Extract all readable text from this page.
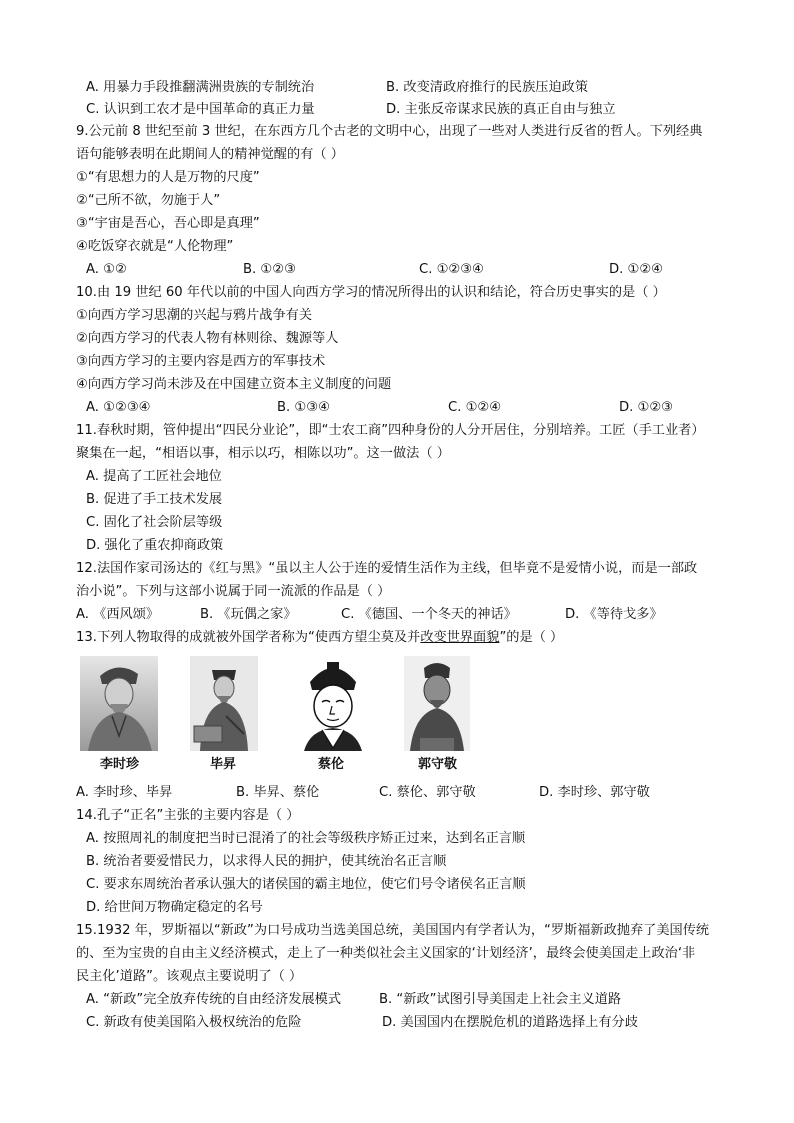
A. 用暴力手段推翻满洲贵族的专制统治	B. 改变清政府推行的民族压迫政策
C. 认识到工农才是中国革命的真正力量	D. 主张反帝谋求民族的真正自由与独立
9.公元前 8 世纪至前 3 世纪，在东西方几个古老的文明中心，出现了一些对人类进行反省的哲人。下列经典
语句能够表明在此期间人的精神觉醒的有（ ）
①“有思想力的人是万物的尺度”
②“己所不欲，勿施于人”
③“宇宙是吾心，吾心即是真理”
④吃饭穿衣就是“人伦物理”
A. ①②	B. ①②③	C. ①②③④	D. ①②④
10.由 19 世纪 60 年代以前的中国人向西方学习的情况所得出的认识和结论，符合历史事实的是（ ）
①向西方学习思潮的兴起与鸦片战争有关
②向西方学习的代表人物有林则徐、魏源等人
③向西方学习的主要内容是西方的军事技术
④向西方学习尚未涉及在中国建立资本主义制度的问题
A. ①②③④	B. ①③④	C. ①②④	D. ①②③
11.春秋时期，管仲提出“四民分业论”，即“士农工商”四种身份的人分开居住，分别培养。工匠（手工业者）
聚集在一起，“相语以事，相示以巧，相陈以功”。这一做法（ ）
A. 提高了工匠社会地位
B. 促进了手工技术发展
C. 固化了社会阶层等级
D. 强化了重农抑商政策
12.法国作家司汤达的《红与黑》“虽以主人公于连的爱情生活作为主线，但毕竟不是爱情小说，而是一部政
治小说”。下列与这部小说属于同一流派的作品是（ ）
A. 《西风颂》	B. 《玩偶之家》	C. 《德国、一个冬天的神话》	D. 《等待戈多》
13.下列人物取得的成就被外国学者称为“使西方望尘莫及并改变世界面貌”的是（ ）
李时珍	毕昇	蔡伦	郭守敬
A. 李时珍、毕昇	B. 毕昇、蔡伦	C. 蔡伦、郭守敬	D. 李时珍、郭守敬
14.孔子“正名”主张的主要内容是（ ）
A. 按照周礼的制度把当时已混淆了的社会等级秩序矫正过来，达到名正言顺
B. 统治者要爱惜民力，以求得人民的拥护，使其统治名正言顺
C. 要求东周统治者承认强大的诸侯国的霸主地位，使它们号令诸侯名正言顺
D. 给世间万物确定稳定的名号
15.1932 年，罗斯福以“新政”为口号成功当选美国总统，美国国内有学者认为，“罗斯福新政抛弃了美国传统
的、至为宝贵的自由主义经济模式，走上了一种类似社会主义国家的‘计划经济’，最终会使美国走上政治‘非
民主化’道路”。该观点主要说明了（ ）
A. “新政”完全放弃传统的自由经济发展模式	B. “新政”试图引导美国走上社会主义道路
C. 新政有使美国陷入极权统治的危险	D. 美国国内在摆脱危机的道路选择上有分歧
